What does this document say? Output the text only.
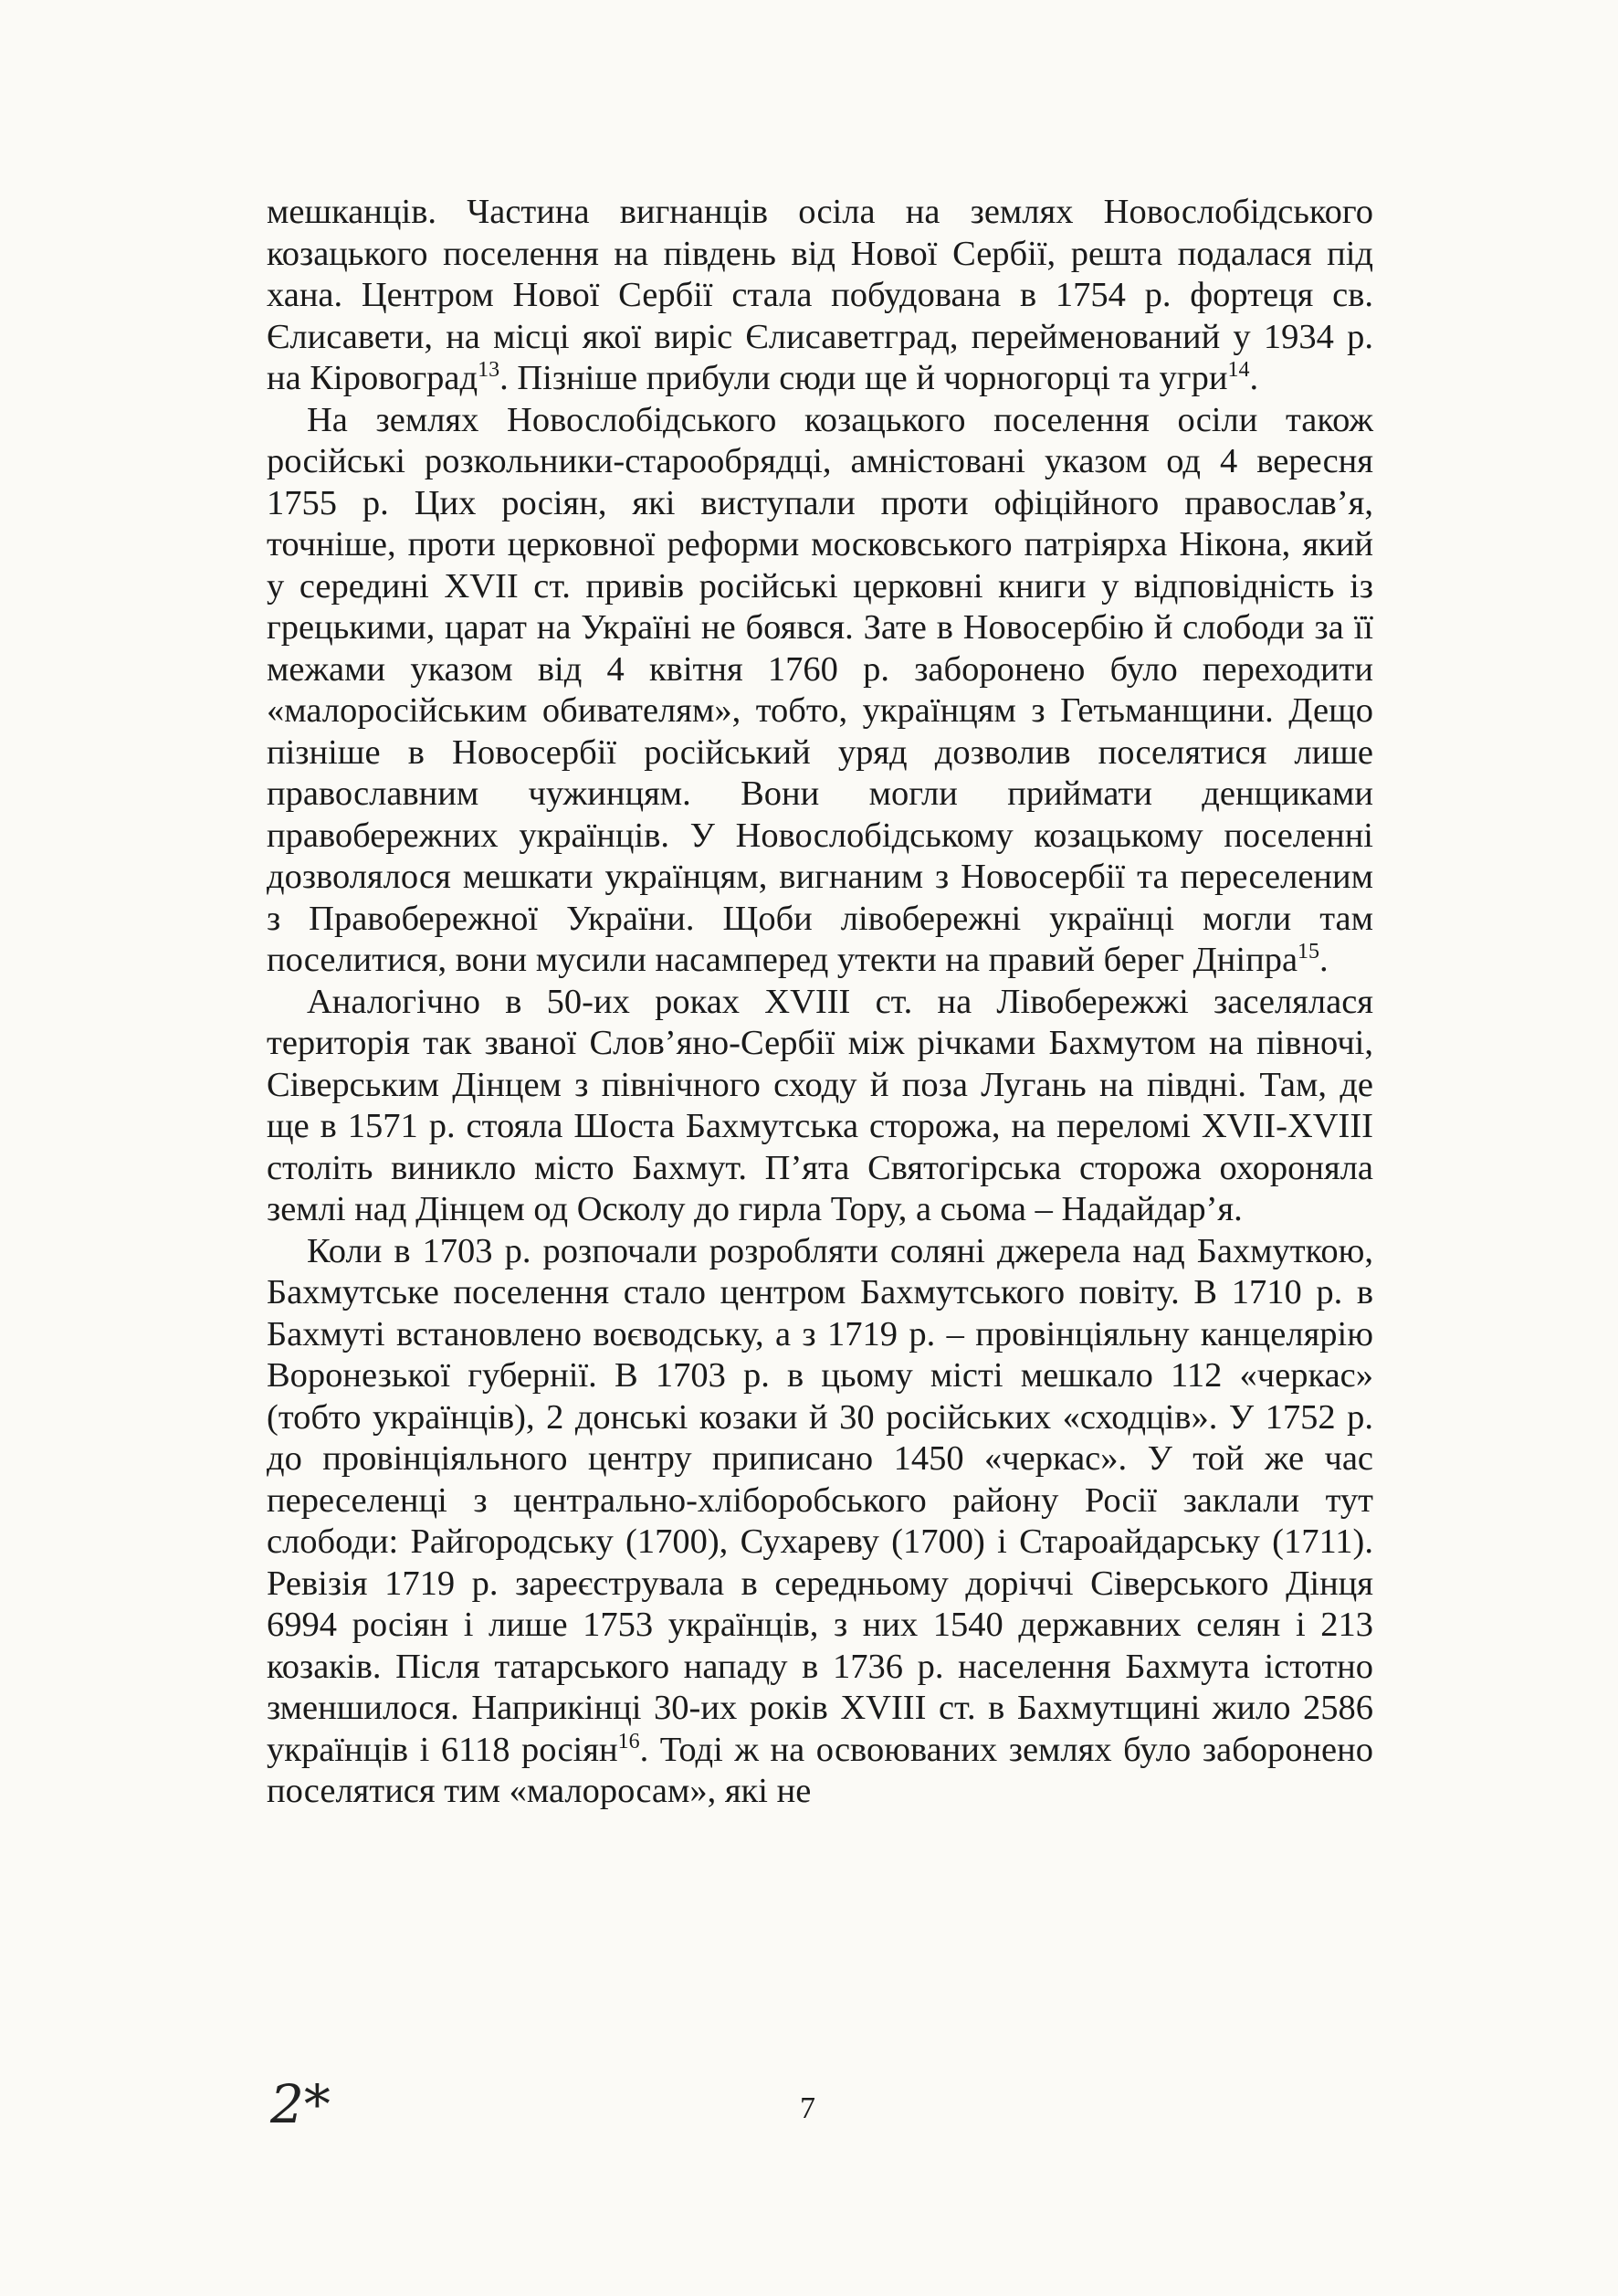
мешканців. Частина вигнанців осіла на землях Новослобідського козацького поселення на південь від Нової Сербії, решта подалася під хана. Центром Нової Сербії стала побудована в 1754 р. фортеця св. Єлисавети, на місці якої виріс Єлисаветград, перейменований у 1934 р. на Кіровоград$^{13}$. Пізніше прибули сюди ще й чорногорці та угри$^{14}$.

На землях Новослобідського козацького поселення осіли також російські розкольники-старообрядці, амністовані указом од 4 вересня 1755 р. Цих росіян, які виступали проти офіційного православ’я, точніше, проти церковної реформи московського патріярха Нікона, який у середині XVII ст. привів російські церковні книги у відповідність із грецькими, царат на Україні не боявся. Зате в Новосербію й слободи за її межами указом від 4 квітня 1760 р. заборонено було переходити «малоросійським обивателям», тобто, українцям з Гетьманщини. Дещо пізніше в Новосербії російський уряд дозволив поселятися лише православним чужинцям. Вони могли приймати денщиками правобережних українців. У Новослобідському козацькому поселенні дозволялося мешкати українцям, вигнаним з Новосербії та переселеним з Правобережної України. Щоби лівобережні українці могли там поселитися, вони мусили насамперед утекти на правий берег Дніпра$^{15}$.

Аналогічно в 50-их роках XVIII ст. на Лівобережжі заселялася територія так званої Слов’яно-Сербії між річками Бахмутом на півночі, Сіверським Дінцем з північного сходу й поза Лугань на півдні. Там, де ще в 1571 р. стояла Шоста Бахмутська сторожа, на переломі XVII-XVIII століть виникло місто Бахмут. П’ята Святогірська сторожа охороняла землі над Дінцем од Осколу до гирла Тору, а сьома – Надайдар’я.

Коли в 1703 р. розпочали розробляти соляні джерела над Бахмуткою, Бахмутське поселення стало центром Бахмутського повіту. В 1710 р. в Бахмуті встановлено воєводську, а з 1719 р. – провінціяльну канцелярію Воронезької губернії. В 1703 р. в цьому місті мешкало 112 «черкас» (тобто українців), 2 донські козаки й 30 російських «сходців». У 1752 р. до провінціяльного центру приписано 1450 «черкас». У той же час переселенці з центрально-хліборобського району Росії заклали тут слободи: Райгородську (1700), Сухареву (1700) і Староайдарську (1711). Ревізія 1719 р. зареєструвала в середньому доріччі Сіверського Дінця 6994 росіян і лише 1753 українців, з них 1540 державних селян і 213 козаків. Після татарського нападу в 1736 р. населення Бахмута істотно зменшилося. Наприкінці 30-их років XVIII ст. в Бахмутщині жило 2586 українців і 6118 росіян$^{16}$. Тоді ж на освоюваних землях було заборонено поселятися тим «малоросам», які не

2*	7
